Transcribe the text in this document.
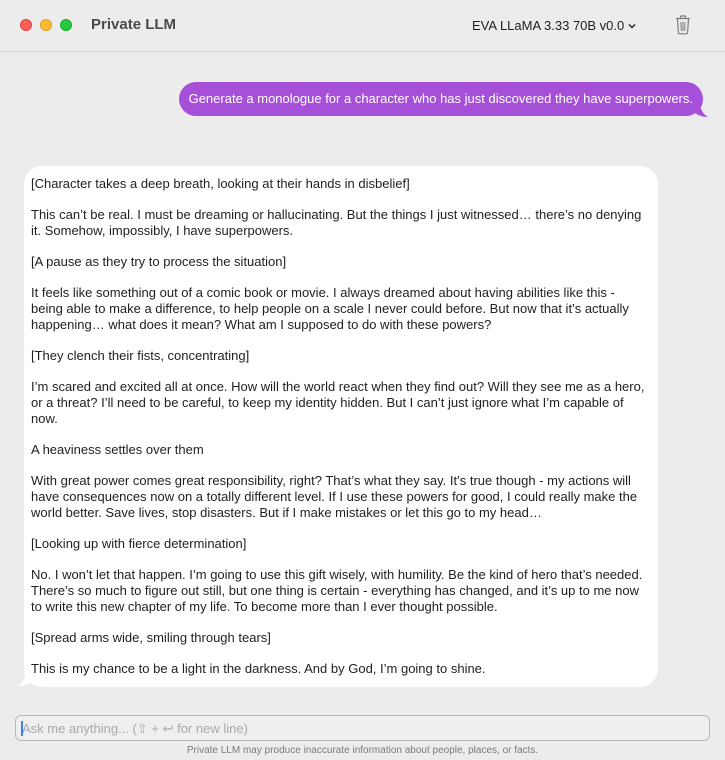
Private LLM	EVA LLaMA 3.33 70B v0.0
Generate a monologue for a character who has just discovered they have superpowers.

[Character takes a deep breath, looking at their hands in disbelief]

This can’t be real. I must be dreaming or hallucinating. But the things I just witnessed… there’s no denying it. Somehow, impossibly, I have superpowers.

[A pause as they try to process the situation]

It feels like something out of a comic book or movie. I always dreamed about having abilities like this - being able to make a difference, to help people on a scale I never could before. But now that it’s actually happening… what does it mean? What am I supposed to do with these powers?

[They clench their fists, concentrating]

I’m scared and excited all at once. How will the world react when they find out? Will they see me as a hero, or a threat? I’ll need to be careful, to keep my identity hidden. But I can’t just ignore what I’m capable of now.

A heaviness settles over them

With great power comes great responsibility, right? That’s what they say. It’s true though - my actions will have consequences now on a totally different level. If I use these powers for good, I could really make the world better. Save lives, stop disasters. But if I make mistakes or let this go to my head…

[Looking up with fierce determination]

No. I won’t let that happen. I’m going to use this gift wisely, with humility. Be the kind of hero that’s needed. There’s so much to figure out still, but one thing is certain - everything has changed, and it’s up to me now to write this new chapter of my life. To become more than I ever thought possible.

[Spread arms wide, smiling through tears]

This is my chance to be a light in the darkness. And by God, I’m going to shine.

Ask me anything... (⇧ + ↩ for new line)
Private LLM may produce inaccurate information about people, places, or facts.
